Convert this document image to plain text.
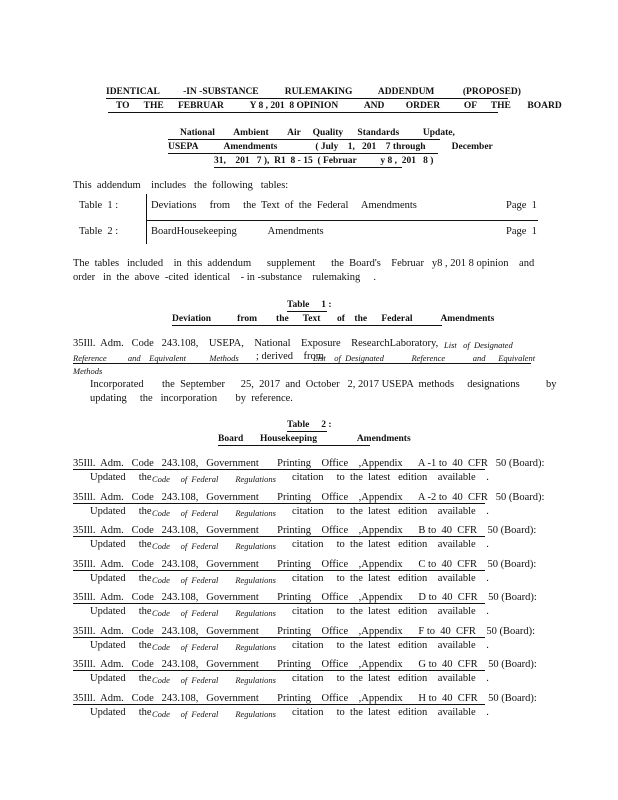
IDENTICAL          -IN -SUBSTANCE           RULEMAKING           ADDENDUM            (PROPOSED)
TO      THE      FEBRUAR           Y 8 , 201  8 OPINION           AND         ORDER          OF      THE       BOARD
National        Ambient        Air     Quality      Standards          Update,
USEPA           Amendments                ( July    1,   201    7 through           December
31,    201   7 ),  R1  8 - 15  ( Februar          y 8 ,  201   8 )
This  addendum    includes   the  following   tables:
Table  1 :	Deviations     from     the  Text  of  the  Federal     Amendments	Page  1
Table  2 :	BoardHousekeeping            Amendments	Page  1
The  tables   included    in  this  addendum      supplement      the  Board's    Februar   y8 , 201 8 opinion    and
order   in  the  above  -cited  identical    - in -substance    rulemaking     .
Table     1 :
Deviation           from        the      Text       of    the      Federal            Amendments
35Ill.  Adm.   Code   243.108,    USEPA,    National    Exposure    ResearchLaboratory, List   of  Designated
Reference          and    Equivalent           Methods ; derived    from
List    of  Designated             Reference             and      Equivalent
Methods
Incorporated       the  September      25,  2017  and  October   2, 2017 USEPA  methods     designations          by
updating     the   incorporation       by  reference.
Table     2 :
Board       Housekeeping                 Amendments
35Ill.  Adm.   Code   243.108,   Government       Printing    Office    ,Appendix      A -1 to  40  CFR   50 (Board):
Updated     the Code     of  Federal        Regulations citation     to  the  latest   edition    available    .
35Ill.  Adm.   Code   243.108,   Government       Printing    Office    ,Appendix      A -2 to  40  CFR   50 (Board):
Updated     the Code     of  Federal        Regulations citation     to  the  latest   edition    available    .
35Ill.  Adm.   Code   243.108,   Government       Printing    Office    ,Appendix      B to  40  CFR    50 (Board):
Updated     the Code     of  Federal        Regulations citation     to  the  latest   edition    available    .
35Ill.  Adm.   Code   243.108,   Government       Printing    Office    ,Appendix      C to  40  CFR    50 (Board):
Updated     the Code     of  Federal        Regulations citation     to  the  latest   edition    available    .
35Ill.  Adm.   Code   243.108,   Government       Printing    Office    ,Appendix      D to  40  CFR    50 (Board):
Updated     the Code     of  Federal        Regulations citation     to  the  latest   edition    available    .
35Ill.  Adm.   Code   243.108,   Government       Printing    Office    ,Appendix      F to  40  CFR    50 (Board):
Updated     the Code     of  Federal        Regulations citation     to  the  latest   edition    available    .
35Ill.  Adm.   Code   243.108,   Government       Printing    Office    ,Appendix      G to  40  CFR    50 (Board):
Updated     the Code     of  Federal        Regulations citation     to  the  latest   edition    available    .
35Ill.  Adm.   Code   243.108,   Government       Printing    Office    ,Appendix      H to  40  CFR    50 (Board):
Updated     the Code     of  Federal        Regulations citation     to  the  latest   edition    available    .
